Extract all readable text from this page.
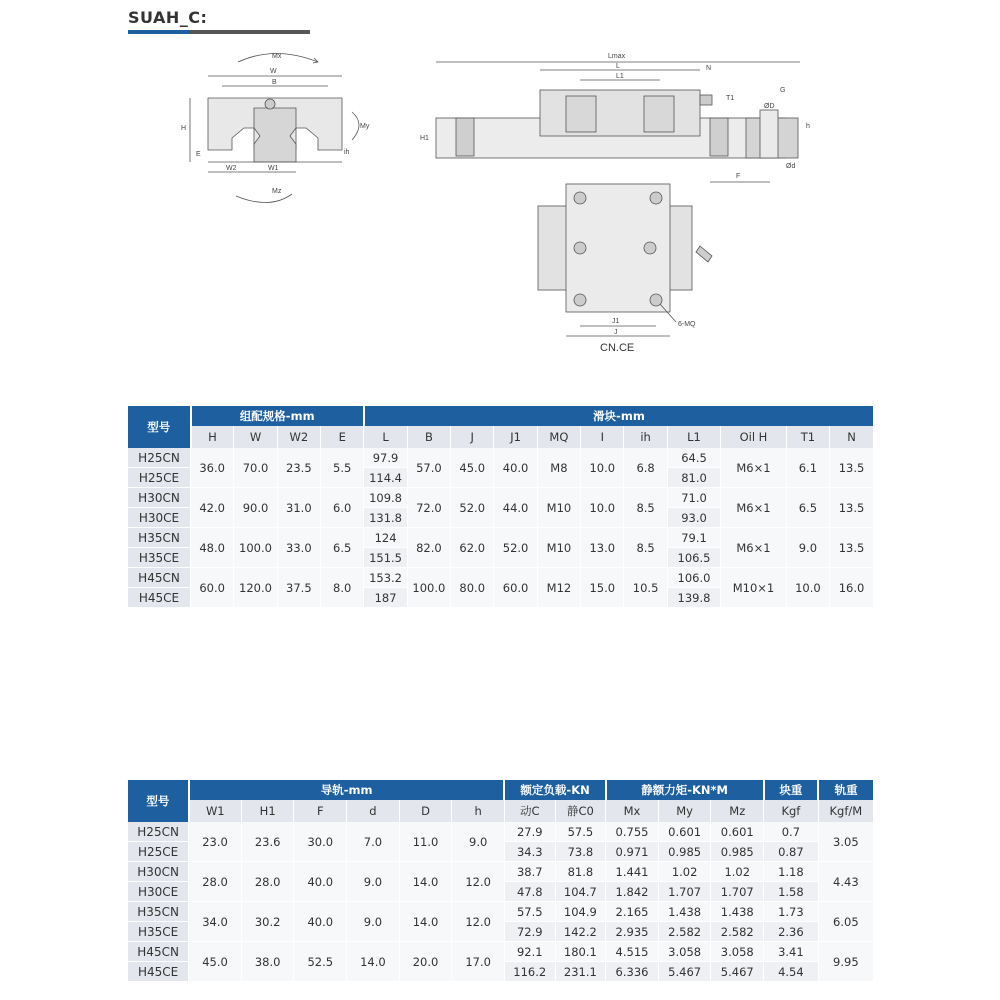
SUAH_C:
Mx
W
B
H	My
ih
E
W2	W1
Mz
Lmax
L
L1
N
H1
T1
G
ØD
h
Ød
F
J1
J
6-MQ
CN.CE
型号	组配规格-mm				滑块-mm										
	H	W	W2	E	L	B	J	J1	MQ	I	ih	L1	Oil H	T1	N
H25CN	36.0	70.0	23.5	5.5	97.9	57.0	45.0	40.0	M8	10.0	6.8	64.5	M6×1	6.1	13.5
H25CE					114.4							81.0			
H30CN	42.0	90.0	31.0	6.0	109.8	72.0	52.0	44.0	M10	10.0	8.5	71.0	M6×1	6.5	13.5
H30CE					131.8							93.0			
H35CN	48.0	100.0	33.0	6.5	124	82.0	62.0	52.0	M10	13.0	8.5	79.1	M6×1	9.0	13.5
H35CE					151.5							106.5			
H45CN	60.0	120.0	37.5	8.0	153.2	100.0	80.0	60.0	M12	15.0	10.5	106.0	M10×1	10.0	16.0
H45CE					187							139.8			
型号	导轨-mm						额定负载-KN		静额力矩-KN*M			块重	轨重
	W1	H1	F	d	D	h	动C	静C0	Mx	My	Mz	Kgf	Kgf/M
H25CN	23.0	23.6	30.0	7.0	11.0	9.0	27.9	57.5	0.755	0.601	0.601	0.7	3.05
H25CE							34.3	73.8	0.971	0.985	0.985	0.87	
H30CN	28.0	28.0	40.0	9.0	14.0	12.0	38.7	81.8	1.441	1.02	1.02	1.18	4.43
H30CE							47.8	104.7	1.842	1.707	1.707	1.58	
H35CN	34.0	30.2	40.0	9.0	14.0	12.0	57.5	104.9	2.165	1.438	1.438	1.73	6.05
H35CE							72.9	142.2	2.935	2.582	2.582	2.36	
H45CN	45.0	38.0	52.5	14.0	20.0	17.0	92.1	180.1	4.515	3.058	3.058	3.41	9.95
H45CE							116.2	231.1	6.336	5.467	5.467	4.54	
